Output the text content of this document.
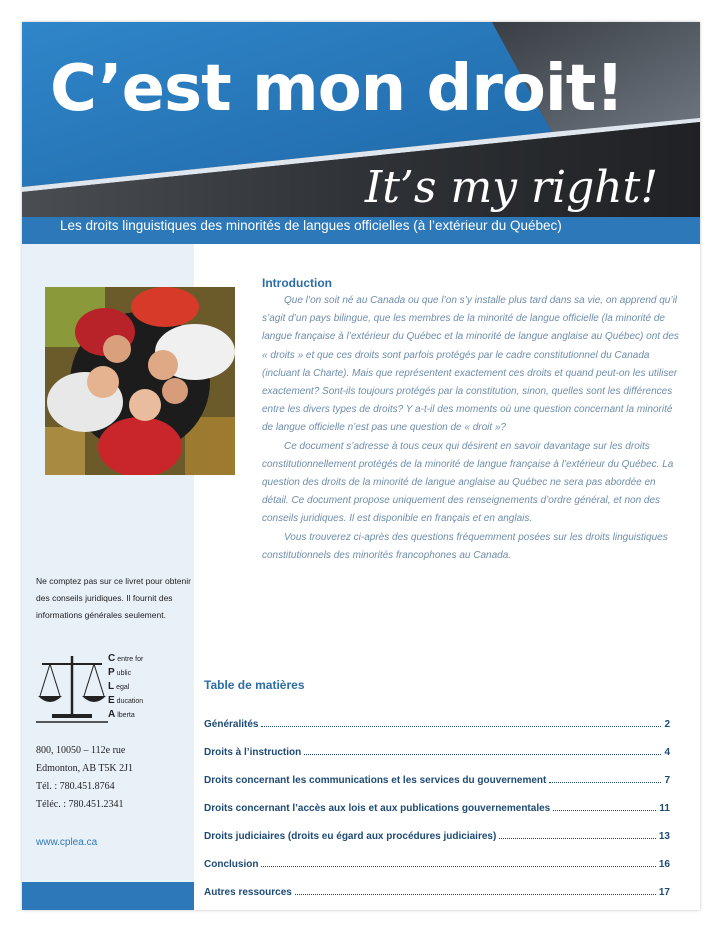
C’est mon droit!
It’s my right!
Les droits linguistiques des minorités de langues officielles (à l’extérieur du Québec)
Ne comptez pas sur ce livret pour obtenir des conseils juridiques. Il fournit des informations générales seulement.
C entre for
P ublic
L egal
E ducation
A lberta
800, 10050 – 112e rue
Edmonton, AB T5K 2J1
Tél. : 780.451.8764
Téléc. : 780.451.2341
www.cplea.ca
Introduction

Que l’on soit né au Canada ou que l’on s’y installe plus tard dans sa vie, on apprend qu’il s’agit d’un pays bilingue, que les membres de la minorité de langue officielle (la minorité de langue française à l’extérieur du Québec et la minorité de langue anglaise au Québec) ont des « droits » et que ces droits sont parfois protégés par le cadre constitutionnel du Canada (incluant la Charte). Mais que représentent exactement ces droits et quand peut-on les utiliser exactement? Sont-ils toujours protégés par la constitution, sinon, quelles sont les différences entre les divers types de droits? Y a-t-il des moments où une question concernant la minorité de langue officielle n’est pas une question de « droit »?

Ce document s’adresse à tous ceux qui désirent en savoir davantage sur les droits constitutionnellement protégés de la minorité de langue française à l’extérieur du Québec. La question des droits de la minorité de langue anglaise au Québec ne sera pas abordée en détail. Ce document propose uniquement des renseignements d’ordre général, et non des conseils juridiques. Il est disponible en français et en anglais.

Vous trouverez ci-après des questions fréquemment posées sur les droits linguistiques constitutionnels des minorités francophones au Canada.

Table de matières
Généralités	2
Droits à l’instruction	4
Droits concernant les communications et les services du gouvernement	7
Droits concernant l’accès aux lois et aux publications gouvernementales	11
Droits judiciaires (droits eu égard aux procédures judiciaires)	13
Conclusion	16
Autres ressources	17
